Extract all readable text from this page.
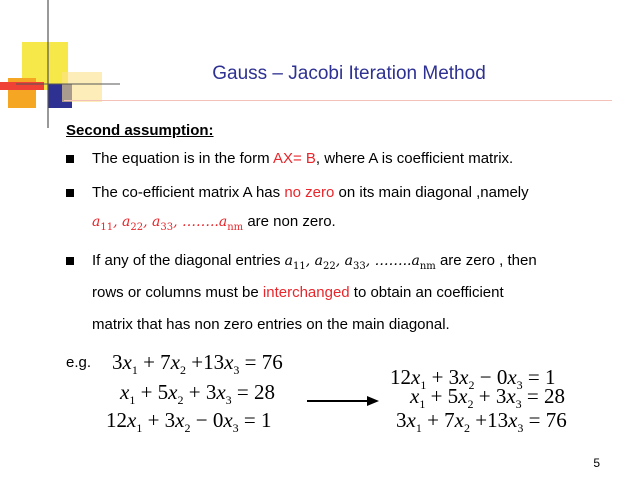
Gauss – Jacobi Iteration Method
Second assumption:
The equation is in the form AX= B, where A is coefficient matrix.
The co-efficient matrix A has no zero on its main diagonal ,namely
$a_{11}$, $a_{22}$, $a_{33}$, $\dots\dots..a_{nm}$ are non zero.
If any of the diagonal entries $a_{11}$, $a_{22}$, $a_{33}$, $\dots\dots..a_{nm}$ are zero , then
rows or columns must be interchanged to obtain an coefficient
matrix that has non zero entries on the main diagonal.
e.g. $3x_1 + 7x_2 +13x_3 = 76$
$x_1 + 5x_2 + 3x_3 = 28$
$12x_1 + 3x_2 - 0x_3 = 1$
$12x_1 + 3x_2 - 0x_3 = 1$
$x_1 + 5x_2 + 3x_3 = 28$
$3x_1 + 7x_2 +13x_3 = 76$
5
